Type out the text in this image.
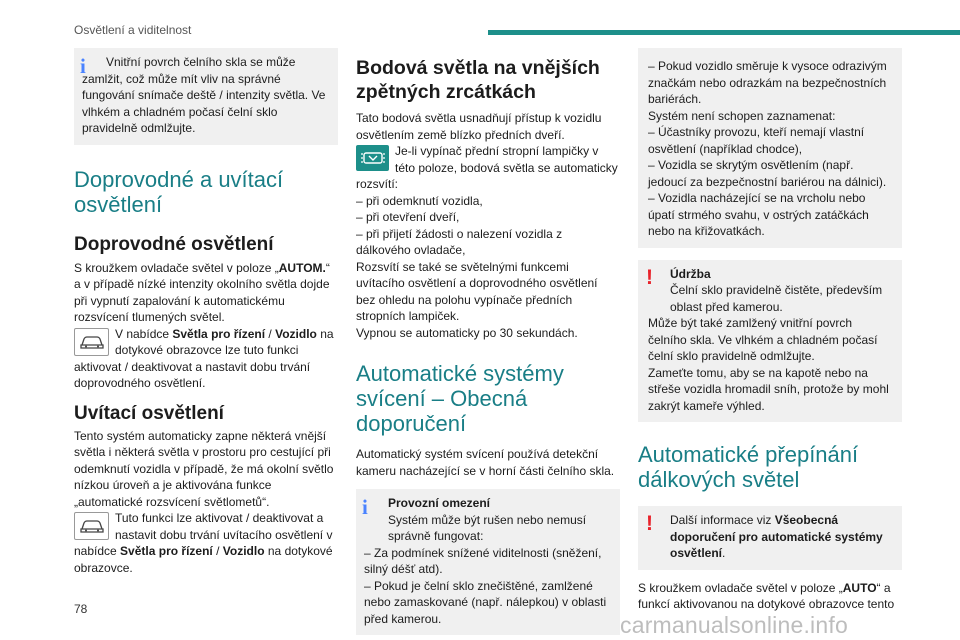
Osvětlení a viditelnost
i	Vnitřní povrch čelního skla se může zamlžit, což může mít vliv na správné fungování snímače deště / intenzity světla. Ve vlhkém a chladném počasí čelní sklo pravidelně odmlžujte.

Doprovodné a uvítací osvětlení
Doprovodné osvětlení

S kroužkem ovladače světel v poloze „AUTOM.“ a v případě nízké intenzity okolního světla dojde při vypnutí zapalování k automatickému rozsvícení tlumených světel.

V nabídce Světla pro řízení / Vozidlo na dotykové obrazovce lze tuto funkci aktivovat / deaktivovat a nastavit dobu trvání doprovodného osvětlení.

Uvítací osvětlení

Tento systém automaticky zapne některá vnější světla i některá světla v prostoru pro cestující při odemknutí vozidla v případě, že má okolní světlo nízkou úroveň a je aktivována funkce „automatické rozsvícení světlometů“.

Tuto funkci lze aktivovat / deaktivovat a nastavit dobu trvání uvítacího osvětlení v nabídce Světla pro řízení / Vozidlo na dotykové obrazovce.

Bodová světla na vnějších zpětných zrcátkách

Tato bodová světla usnadňují přístup k vozidlu osvětlením země blízko předních dveří.

Je-li vypínač přední stropní lampičky v této poloze, bodová světla se automaticky rozsvítí:

– při odemknutí vozidla,

– při otevření dveří,

– při přijetí žádosti o nalezení vozidla z dálkového ovladače,

Rozsvítí se také se světelnými funkcemi uvítacího osvětlení a doprovodného osvětlení bez ohledu na polohu vypínače předních stropních lampiček.

Vypnou se automaticky po 30 sekundách.

Automatické systémy svícení – Obecná doporučení

Automatický systém svícení používá detekční kameru nacházející se v horní části čelního skla.

i Provozní omezení

Systém může být rušen nebo nemusí správně fungovat:

– Za podmínek snížené viditelnosti (sněžení, silný déšť atd).

– Pokud je čelní sklo znečištěné, zamlžené nebo zamaskované (např. nálepkou) v oblasti před kamerou.

– Pokud vozidlo směruje k vysoce odrazivým značkám nebo odrazkám na bezpečnostních bariérách.

Systém není schopen zaznamenat:

– Účastníky provozu, kteří nemají vlastní osvětlení (například chodce),

– Vozidla se skrytým osvětlením (např. jedoucí za bezpečnostní bariérou na dálnici).

– Vozidla nacházející se na vrcholu nebo úpatí strmého svahu, v ostrých zatáčkách nebo na křižovatkách.

! Údržba

Čelní sklo pravidelně čistěte, především oblast před kamerou.

Může být také zamlžený vnitřní povrch čelního skla. Ve vlhkém a chladném počasí čelní sklo pravidelně odmlžujte.

Zameťte tomu, aby se na kapotě nebo na střeše vozidla hromadil sníh, protože by mohl zakrýt kameře výhled.

Automatické přepínání dálkových světel
!	Další informace viz Všeobecná doporučení pro automatické systémy osvětlení.

S kroužkem ovladače světel v poloze „AUTO“ a funkcí aktivovanou na dotykové obrazovce tento

78
carmanualsonline.info
